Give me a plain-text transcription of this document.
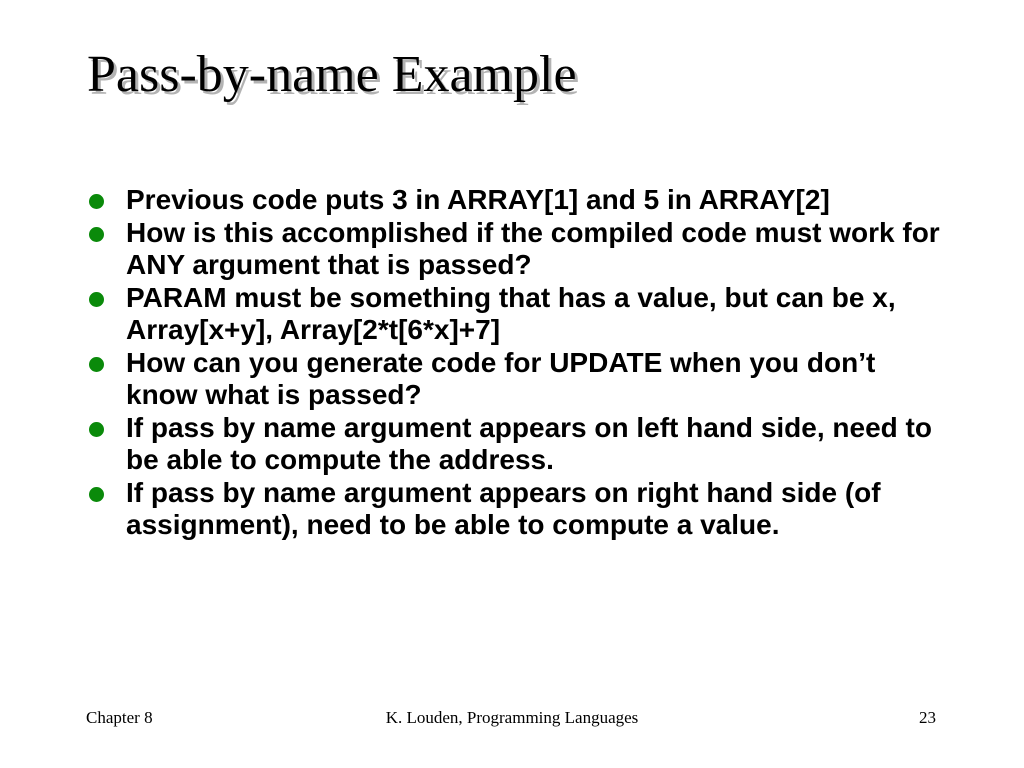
Pass-by-name Example
Previous code puts 3 in ARRAY[1] and 5 in ARRAY[2]
How is this accomplished if the compiled code must work for ANY argument that is passed?
PARAM must be something that has a value, but can be x, Array[x+y], Array[2*t[6*x]+7]
How can you generate code for UPDATE when you don’t know what is passed?
If pass by name argument appears on left hand side, need to be able to compute the address.
If pass by name argument appears on right hand side (of assignment), need to be able to compute a value.
Chapter 8	K. Louden, Programming Languages	23
